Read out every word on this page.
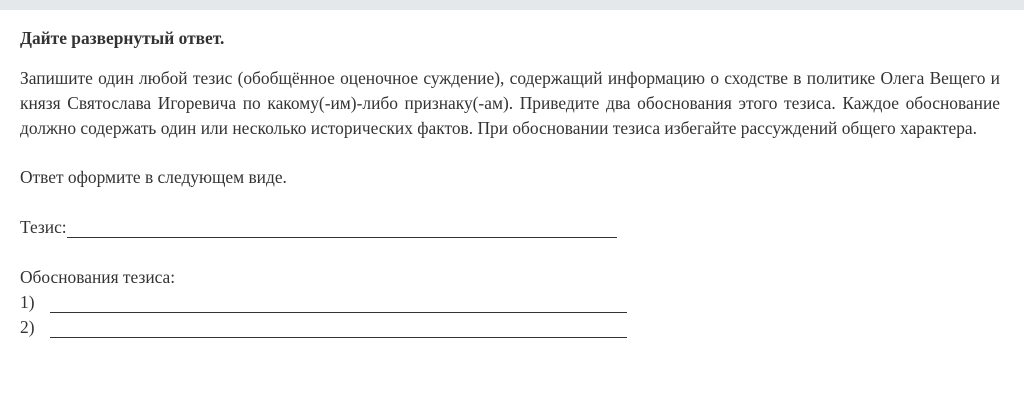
Дайте развернутый ответ.

Запишите один любой тезис (обобщённое оценочное суждение), содержащий информацию о сходстве в политике Олега Вещего и князя Святослава Игоревича по какому(-им)-либо признаку(-ам). Приведите два обоснования этого тезиса. Каждое обоснование должно содержать один или несколько исторических фактов. При обосновании тезиса избегайте рассуждений общего характера.

Ответ оформите в следующем виде.

Тезис:

Обоснования тезиса:

1)
2)
